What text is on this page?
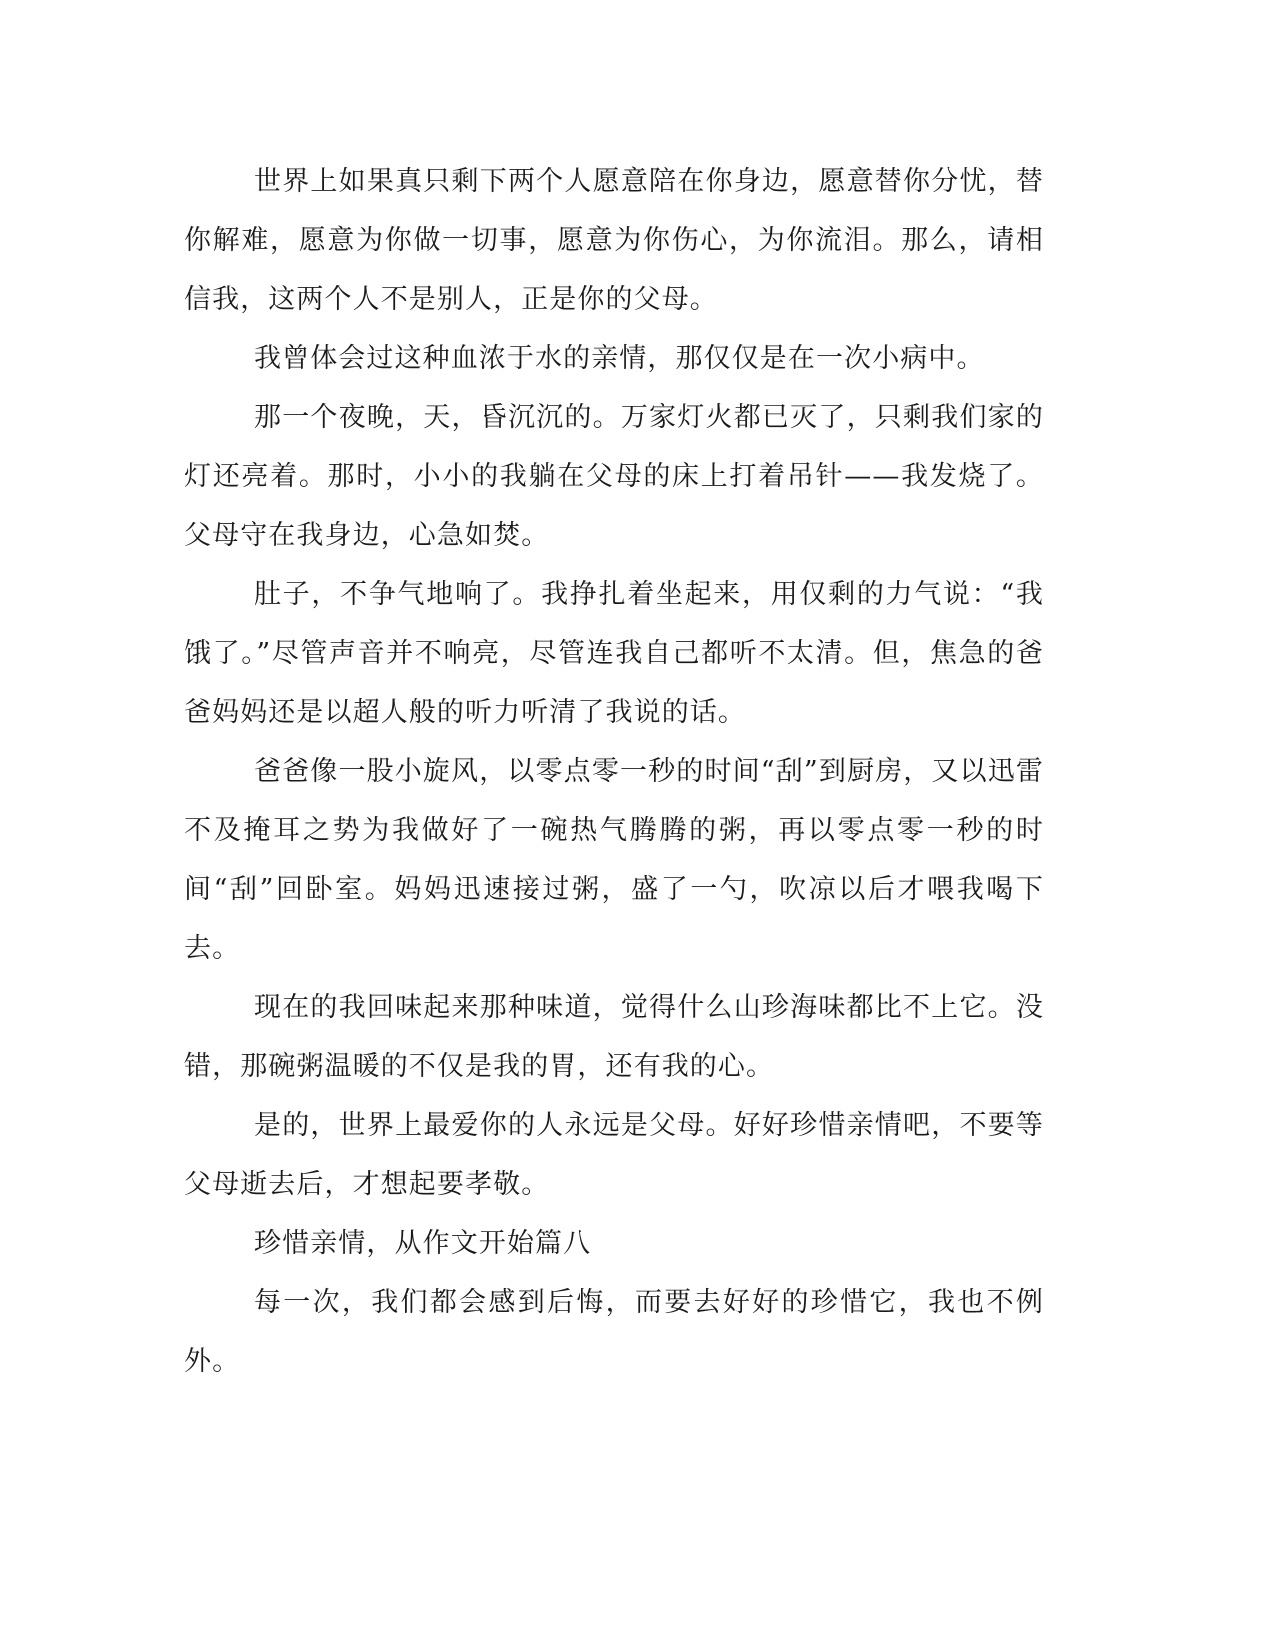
世界上如果真只剩下两个人愿意陪在你身边，愿意替你分忧，替你解难，愿意为你做一切事，愿意为你伤心，为你流泪。那么，请相信我，这两个人不是别人，正是你的父母。

我曾体会过这种血浓于水的亲情，那仅仅是在一次小病中。

那一个夜晚，天，昏沉沉的。万家灯火都已灭了，只剩我们家的灯还亮着。那时，小小的我躺在父母的床上打着吊针——我发烧了。父母守在我身边，心急如焚。

肚子，不争气地响了。我挣扎着坐起来，用仅剩的力气说：“我饿了。”尽管声音并不响亮，尽管连我自己都听不太清。但，焦急的爸爸妈妈还是以超人般的听力听清了我说的话。

爸爸像一股小旋风，以零点零一秒的时间“刮”到厨房，又以迅雷不及掩耳之势为我做好了一碗热气腾腾的粥，再以零点零一秒的时间“刮”回卧室。妈妈迅速接过粥，盛了一勺，吹凉以后才喂我喝下去。

现在的我回味起来那种味道，觉得什么山珍海味都比不上它。没错，那碗粥温暖的不仅是我的胃，还有我的心。

是的，世界上最爱你的人永远是父母。好好珍惜亲情吧，不要等父母逝去后，才想起要孝敬。

珍惜亲情，从作文开始篇八

每一次，我们都会感到后悔，而要去好好的珍惜它，我也不例外。
